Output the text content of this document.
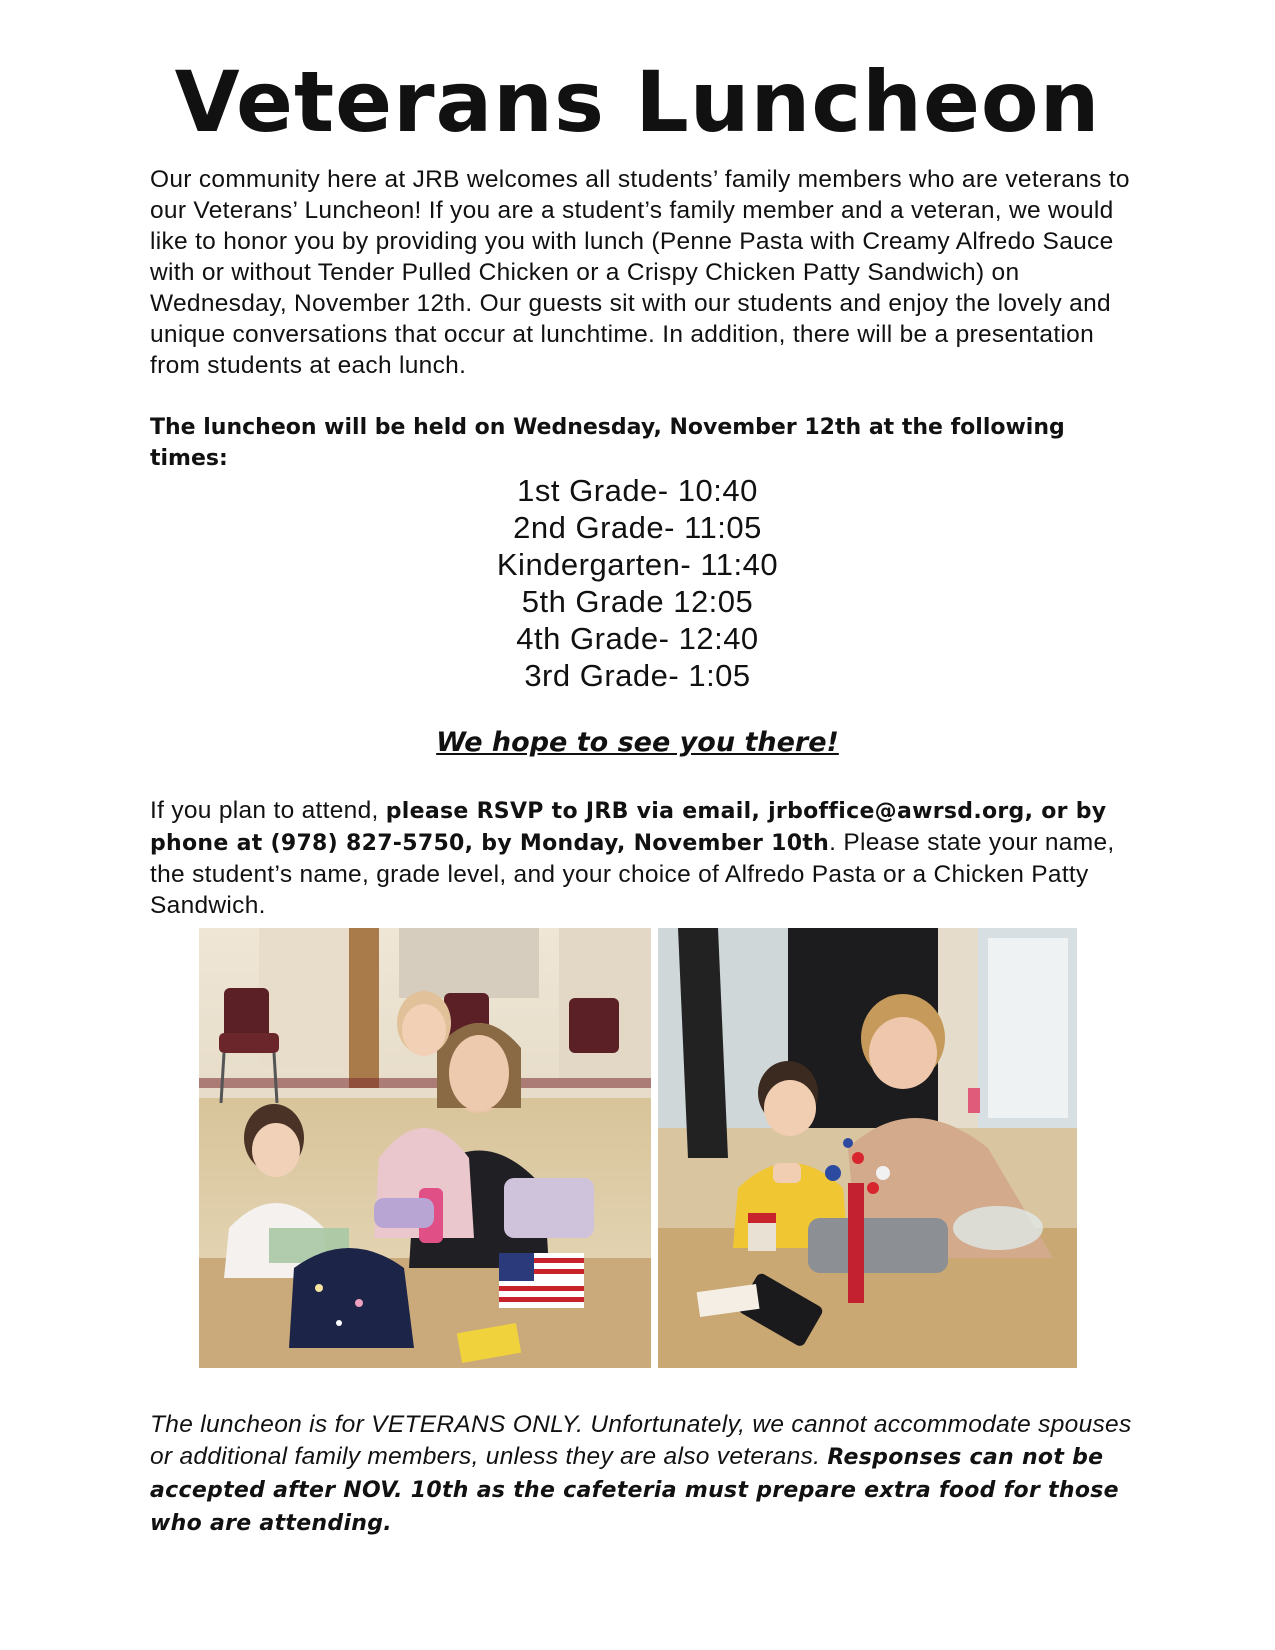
Veterans Luncheon
Our community here at JRB welcomes all students’ family members who are veterans to our Veterans’ Luncheon! If you are a student’s family member and a veteran, we would like to honor you by providing you with lunch (Penne Pasta with Creamy Alfredo Sauce with or without Tender Pulled Chicken or a Crispy Chicken Patty Sandwich) on Wednesday, November 12th. Our guests sit with our students and enjoy the lovely and unique conversations that occur at lunchtime. In addition, there will be a presentation from students at each lunch.
The luncheon will be held on Wednesday, November 12th at the following times:
1st Grade- 10:40
2nd Grade- 11:05
Kindergarten- 11:40
5th Grade 12:05
4th Grade- 12:40
3rd Grade- 1:05
We hope to see you there!
If you plan to attend, please RSVP to JRB via email, jrboffice@awrsd.org, or by phone at (978) 827-5750, by Monday, November 10th. Please state your name, the student’s name, grade level, and your choice of Alfredo Pasta or a Chicken Patty Sandwich.
The luncheon is for VETERANS ONLY. Unfortunately, we cannot accommodate spouses or additional family members, unless they are also veterans. Responses can not be accepted after NOV. 10th as the cafeteria must prepare extra food for those who are attending.
